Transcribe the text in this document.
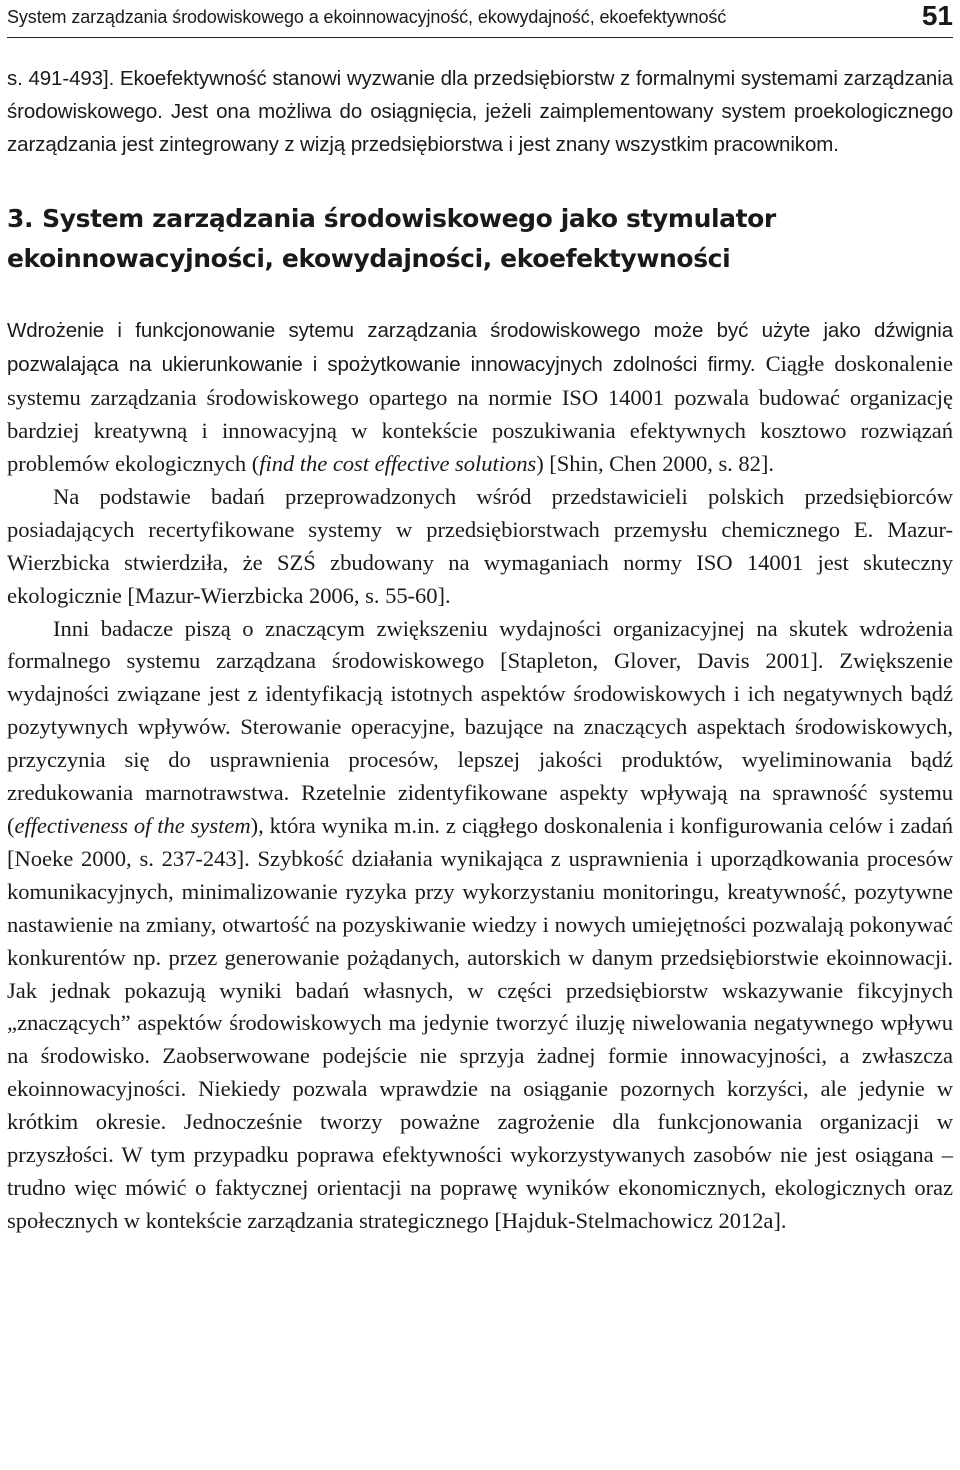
System zarządzania środowiskowego a ekoinnowacyjność, ekowydajność, ekoefektywność	51

s. 491-493]. Ekoefektywność stanowi wyzwanie dla przedsiębiorstw z formalnymi systemami zarządzania środowiskowego. Jest ona możliwa do osiągnięcia, jeżeli zaimplementowany system proekologicznego zarządzania jest zintegrowany z wizją przedsiębiorstwa i jest znany wszystkim pracownikom.

3. System zarządzania środowiskowego jako stymulator ekoinnowacyjności, ekowydajności, ekoefektywności

Wdrożenie i funkcjonowanie sytemu zarządzania środowiskowego może być użyte jako dźwignia pozwalająca na ukierunkowanie i spożytkowanie innowacyjnych zdolności firmy. Ciągłe doskonalenie systemu zarządzania środowiskowego opartego na normie ISO 14001 pozwala budować organizację bardziej kreatywną i innowacyjną w kontekście poszukiwania efektywnych kosztowo rozwiązań problemów ekologicznych (find the cost effective solutions) [Shin, Chen 2000, s. 82].

Na podstawie badań przeprowadzonych wśród przedstawicieli polskich przedsiębiorców posiadających recertyfikowane systemy w przedsiębiorstwach przemysłu chemicznego E. Mazur-Wierzbicka stwierdziła, że SZŚ zbudowany na wymaganiach normy ISO 14001 jest skuteczny ekologicznie [Mazur-Wierzbicka 2006, s. 55-60].

Inni badacze piszą o znaczącym zwiększeniu wydajności organizacyjnej na skutek wdrożenia formalnego systemu zarządzana środowiskowego [Stapleton, Glover, Davis 2001]. Zwiększenie wydajności związane jest z identyfikacją istotnych aspektów środowiskowych i ich negatywnych bądź pozytywnych wpływów. Sterowanie operacyjne, bazujące na znaczących aspektach środowiskowych, przyczynia się do usprawnienia procesów, lepszej jakości produktów, wyeliminowania bądź zredukowania marnotrawstwa. Rzetelnie zidentyfikowane aspekty wpływają na sprawność systemu (effectiveness of the system), która wynika m.in. z ciągłego doskonalenia i konfigurowania celów i zadań [Noeke 2000, s. 237-243]. Szybkość działania wynikająca z usprawnienia i uporządkowania procesów komunikacyjnych, minimalizowanie ryzyka przy wykorzystaniu monitoringu, kreatywność, pozytywne nastawienie na zmiany, otwartość na pozyskiwanie wiedzy i nowych umiejętności pozwalają pokonywać konkurentów np. przez generowanie pożądanych, autorskich w danym przedsiębiorstwie ekoinnowacji. Jak jednak pokazują wyniki badań własnych, w części przedsiębiorstw wskazywanie fikcyjnych „znaczących” aspektów środowiskowych ma jedynie tworzyć iluzję niwelowania negatywnego wpływu na środowisko. Zaobserwowane podejście nie sprzyja żadnej formie innowacyjności, a zwłaszcza ekoinnowacyjności. Niekiedy pozwala wprawdzie na osiąganie pozornych korzyści, ale jedynie w krótkim okresie. Jednocześnie tworzy poważne zagrożenie dla funkcjonowania organizacji w przyszłości. W tym przypadku poprawa efektywności wykorzystywanych zasobów nie jest osiągana – trudno więc mówić o faktycznej orientacji na poprawę wyników ekonomicznych, ekologicznych oraz społecznych w kontekście zarządzania strategicznego [Hajduk-Stelmachowicz 2012a].
